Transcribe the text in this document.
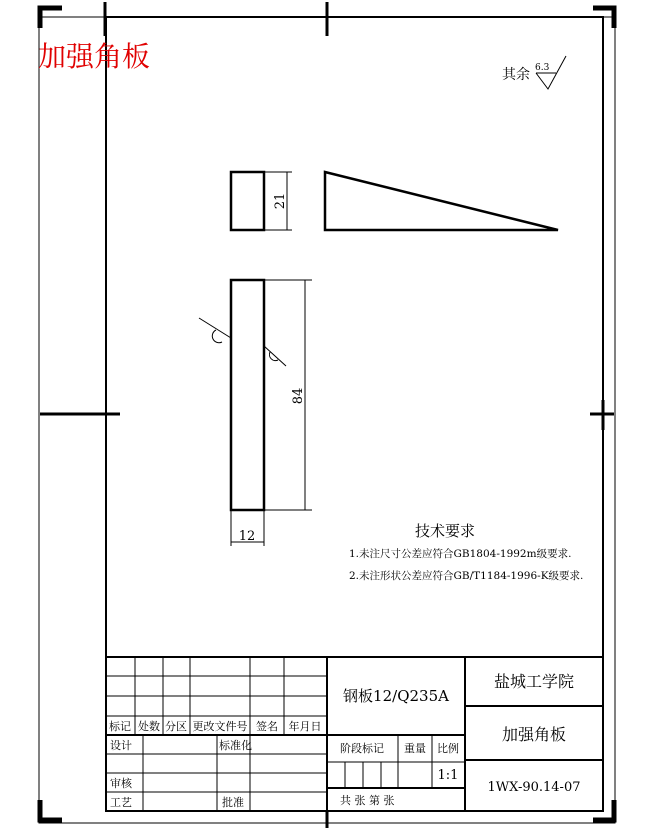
加强角板
其余 6.3
21
84
12	技术要求
1.未注尺寸公差应符合GB1804-1992m级要求.
2.未注形状公差应符合GB/T1184-1996-K级要求.
钢板12/Q235A
盐城工学院
加强角板
1WX-90.14-07
阶段标记 重量 比例
1:1
共 张 第 张
标记 处数 分区 更改文件号 签名 年月日
设计	标准化
审核
工艺	批准
